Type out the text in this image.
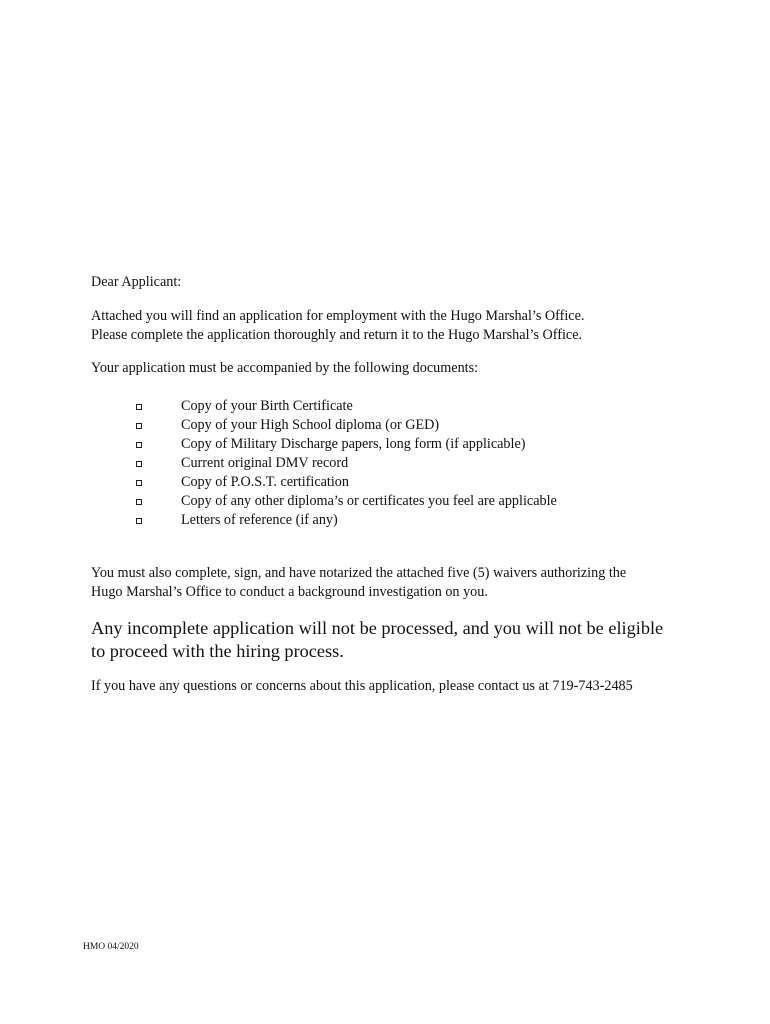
Dear Applicant:
Attached you will find an application for employment with the Hugo Marshal’s Office.
Please complete the application thoroughly and return it to the Hugo Marshal’s Office.
Your application must be accompanied by the following documents:
Copy of your Birth Certificate
Copy of your High School diploma (or GED)
Copy of Military Discharge papers, long form (if applicable)
Current original DMV record
Copy of P.O.S.T. certification
Copy of any other diploma’s or certificates you feel are applicable
Letters of reference (if any)
You must also complete, sign, and have notarized the attached five (5) waivers authorizing the
Hugo Marshal’s Office to conduct a background investigation on you.
Any incomplete application will not be processed, and you will not be eligible
to proceed with the hiring process.
If you have any questions or concerns about this application, please contact us at 719-743-2485
HMO 04/2020
